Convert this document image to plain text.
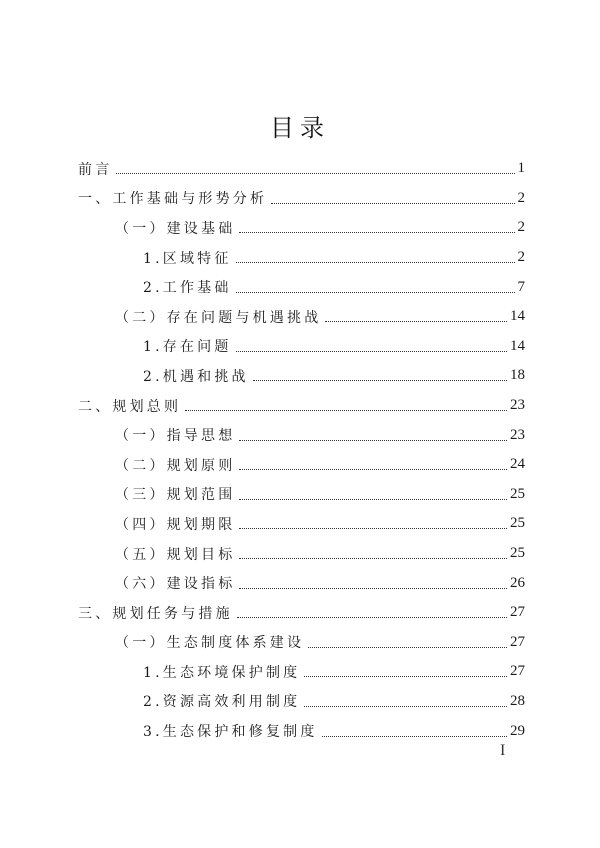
目录
前言	1
一、工作基础与形势分析	2
（一）建设基础	2
1.区域特征	2
2.工作基础	7
（二）存在问题与机遇挑战	14
1.存在问题	14
2.机遇和挑战	18
二、规划总则	23
（一）指导思想	23
（二）规划原则	24
（三）规划范围	25
（四）规划期限	25
（五）规划目标	25
（六）建设指标	26
三、规划任务与措施	27
（一）生态制度体系建设	27
1.生态环境保护制度	27
2.资源高效利用制度	28
3.生态保护和修复制度	29
I
